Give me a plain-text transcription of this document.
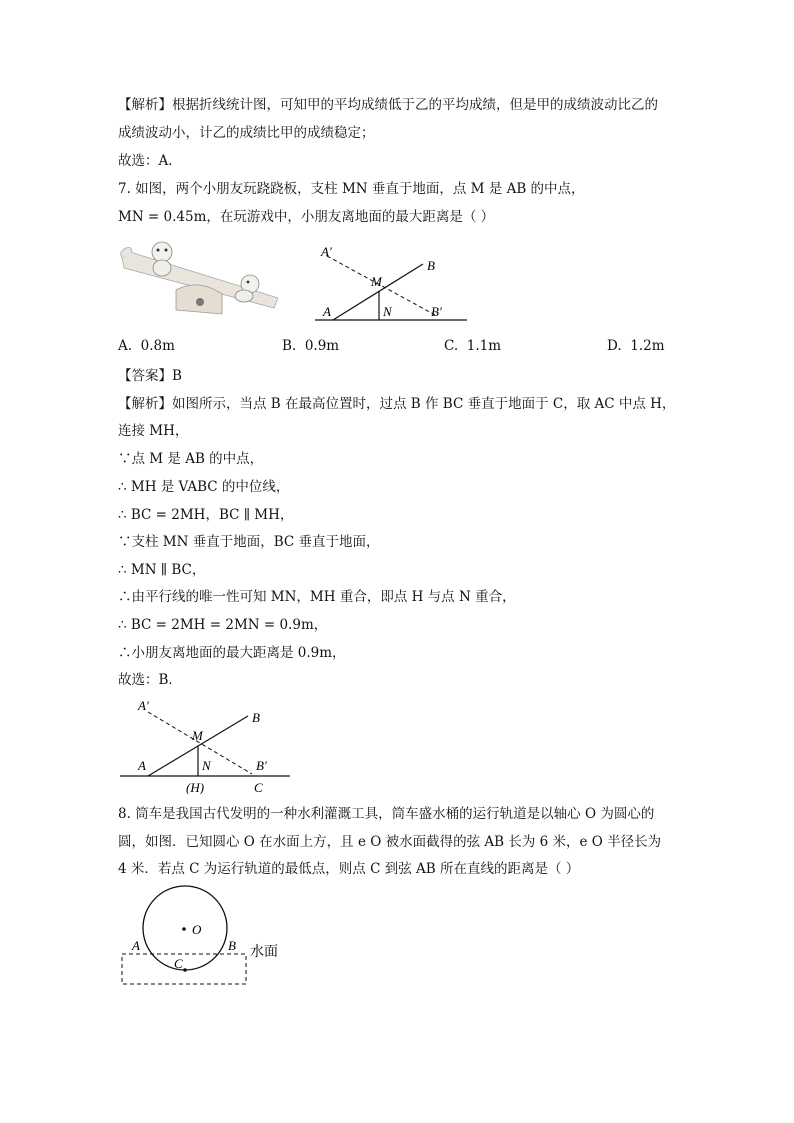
【解析】根据折线统计图，可知甲的平均成绩低于乙的平均成绩，但是甲的成绩波动比乙的
成绩波动小，计乙的成绩比甲的成绩稳定；
故选：A．
7. 如图，两个小朋友玩跷跷板，支柱 MN 垂直于地面，点 M 是 AB 的中点，
MN = 0.45m，在玩游戏中，小朋友离地面的最大距离是（ ）
A′
M
B
A	N	B′
A. 0.8m	B. 0.9m	C. 1.1m	D. 1.2m
【答案】B
【解析】如图所示，当点 B 在最高位置时，过点 B 作 BC 垂直于地面于 C，取 AC 中点 H，
连接 MH，
∵点 M 是 AB 的中点，
∴ MH 是 VABC 的中位线，
∴ BC = 2MH，BC ∥ MH，
∵支柱 MN 垂直于地面，BC 垂直于地面，
∴ MN ∥ BC，
∴由平行线的唯一性可知 MN，MH 重合，即点 H 与点 N 重合，
∴ BC = 2MH = 2MN = 0.9m，
∴小朋友离地面的最大距离是 0.9m，
故选：B．
A′
B
M
A	N	B′
(H)	C
8. 筒车是我国古代发明的一种水利灌溉工具，筒车盛水桶的运行轨道是以轴心 O 为圆心的
圆，如图．已知圆心 O 在水面上方，且 e O 被水面截得的弦 AB 长为 6 米，e O 半径长为
4 米．若点 C 为运行轨道的最低点，则点 C 到弦 AB 所在直线的距离是（ ）
O
A	B
C
水面
